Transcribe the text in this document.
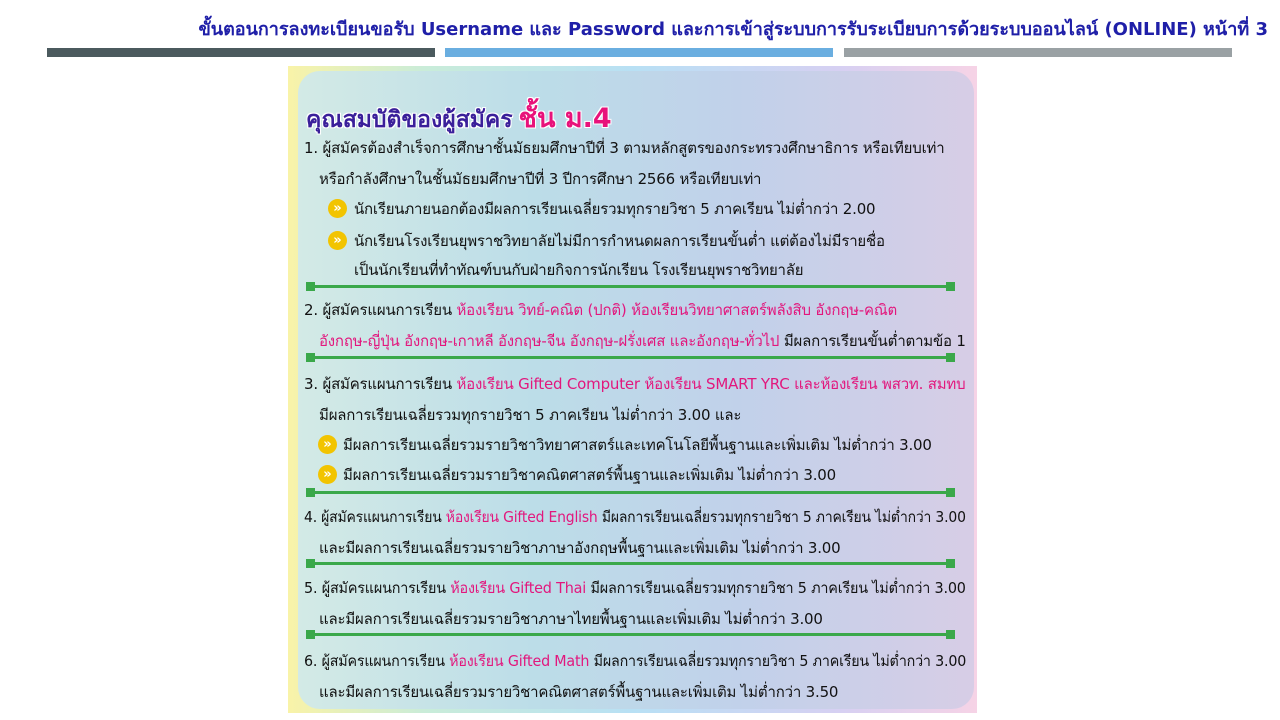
ขั้นตอนการลงทะเบียนขอรับ Username และ Password และการเข้าสู่ระบบการรับระเบียบการด้วยระบบออนไลน์ (ONLINE) หน้าที่ 3
คุณสมบัติของผู้สมัคร ชั้น ม.4
1. ผู้สมัครต้องสำเร็จการศึกษาชั้นมัธยมศึกษาปีที่ 3 ตามหลักสูตรของกระทรวงศึกษาธิการ หรือเทียบเท่า
หรือกำลังศึกษาในชั้นมัธยมศึกษาปีที่ 3 ปีการศึกษา 2566 หรือเทียบเท่า
» นักเรียนภายนอกต้องมีผลการเรียนเฉลี่ยรวมทุกรายวิชา 5 ภาคเรียน ไม่ต่ำกว่า 2.00
» นักเรียนโรงเรียนยุพราชวิทยาลัยไม่มีการกำหนดผลการเรียนขั้นต่ำ แต่ต้องไม่มีรายชื่อ
เป็นนักเรียนที่ทำทัณฑ์บนกับฝ่ายกิจการนักเรียน โรงเรียนยุพราชวิทยาลัย
2. ผู้สมัครแผนการเรียน ห้องเรียน วิทย์-คณิต (ปกติ) ห้องเรียนวิทยาศาสตร์พลังสิบ อังกฤษ-คณิต
อังกฤษ-ญี่ปุ่น อังกฤษ-เกาหลี อังกฤษ-จีน อังกฤษ-ฝรั่งเศส และอังกฤษ-ทั่วไป มีผลการเรียนขั้นต่ำตามข้อ 1
3. ผู้สมัครแผนการเรียน ห้องเรียน Gifted Computer ห้องเรียน SMART YRC และห้องเรียน พสวท. สมทบ
มีผลการเรียนเฉลี่ยรวมทุกรายวิชา 5 ภาคเรียน ไม่ต่ำกว่า 3.00 และ
» มีผลการเรียนเฉลี่ยรวมรายวิชาวิทยาศาสตร์และเทคโนโลยีพื้นฐานและเพิ่มเติม ไม่ต่ำกว่า 3.00
» มีผลการเรียนเฉลี่ยรวมรายวิชาคณิตศาสตร์พื้นฐานและเพิ่มเติม ไม่ต่ำกว่า 3.00
4. ผู้สมัครแผนการเรียน ห้องเรียน Gifted English มีผลการเรียนเฉลี่ยรวมทุกรายวิชา 5 ภาคเรียน ไม่ต่ำกว่า 3.00
และมีผลการเรียนเฉลี่ยรวมรายวิชาภาษาอังกฤษพื้นฐานและเพิ่มเติม ไม่ต่ำกว่า 3.00
5. ผู้สมัครแผนการเรียน ห้องเรียน Gifted Thai มีผลการเรียนเฉลี่ยรวมทุกรายวิชา 5 ภาคเรียน ไม่ต่ำกว่า 3.00
และมีผลการเรียนเฉลี่ยรวมรายวิชาภาษาไทยพื้นฐานและเพิ่มเติม ไม่ต่ำกว่า 3.00
6. ผู้สมัครแผนการเรียน ห้องเรียน Gifted Math มีผลการเรียนเฉลี่ยรวมทุกรายวิชา 5 ภาคเรียน ไม่ต่ำกว่า 3.00
และมีผลการเรียนเฉลี่ยรวมรายวิชาคณิตศาสตร์พื้นฐานและเพิ่มเติม ไม่ต่ำกว่า 3.50
